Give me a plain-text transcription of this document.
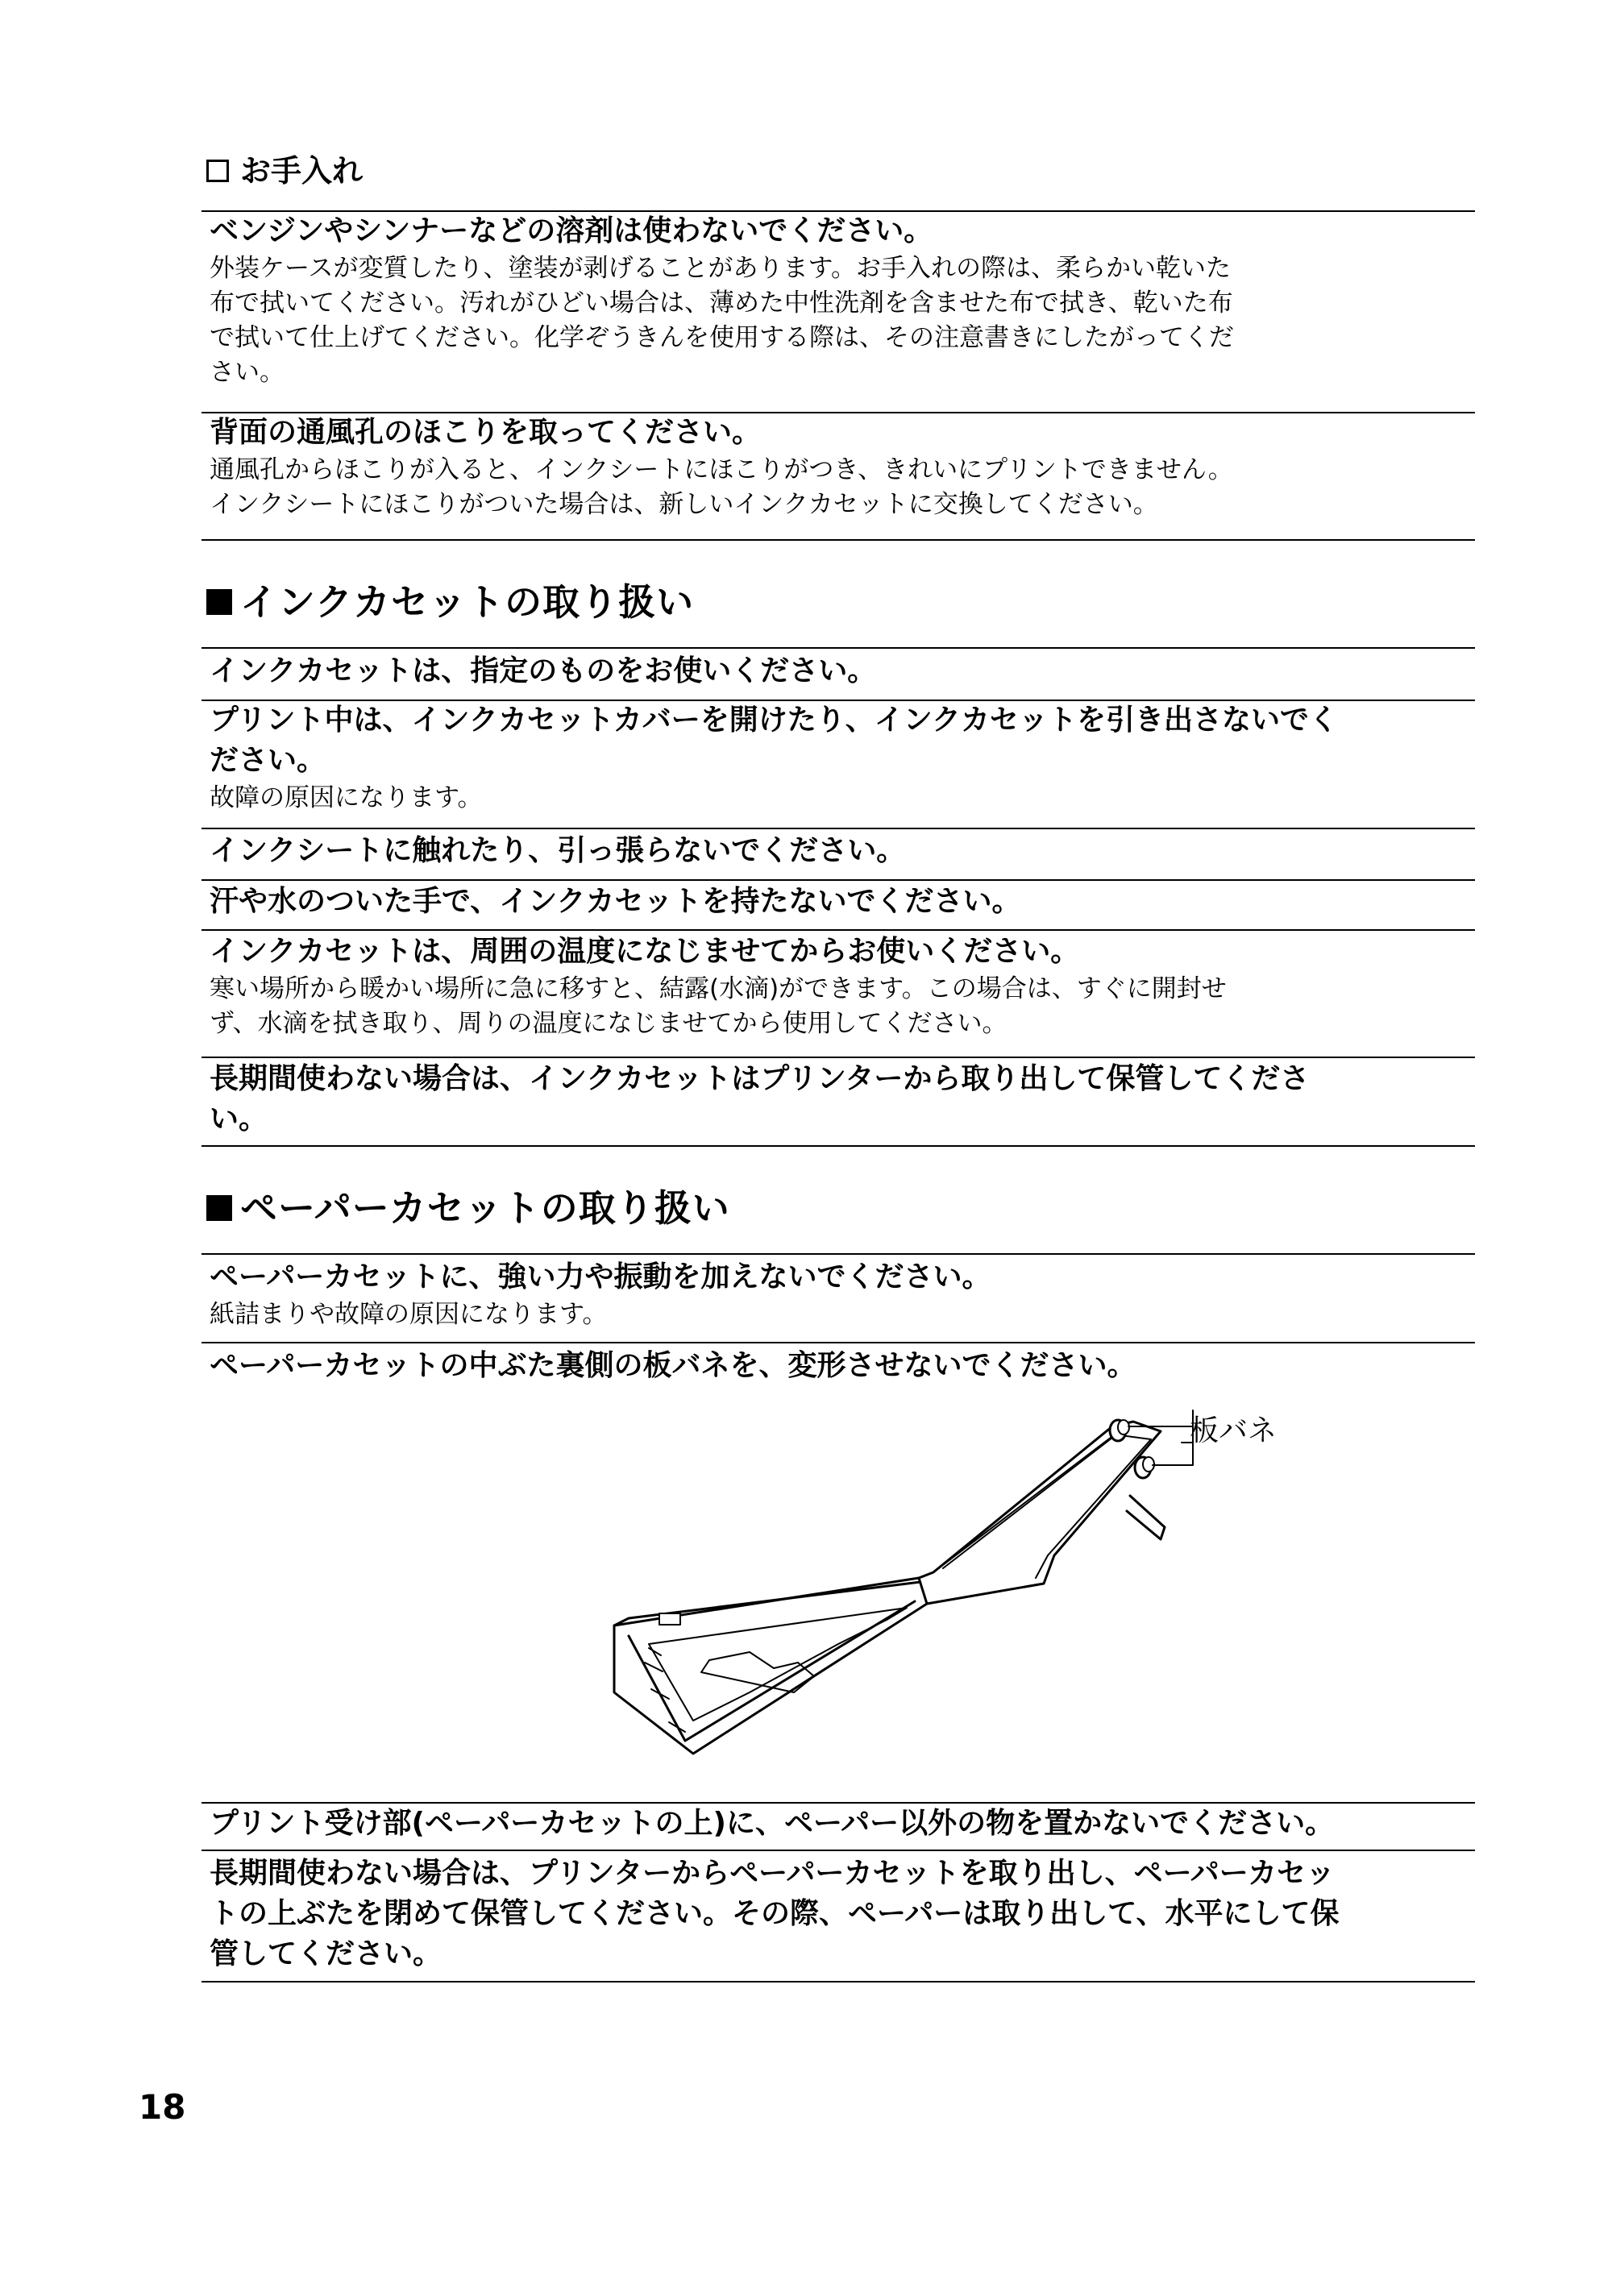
お手入れ

ベンジンやシンナーなどの溶剤は使わないでください。

外装ケースが変質したり、塗装が剥げることがあります。お手入れの際は、柔らかい乾いた

布で拭いてください。汚れがひどい場合は、薄めた中性洗剤を含ませた布で拭き、乾いた布

で拭いて仕上げてください。化学ぞうきんを使用する際は、その注意書きにしたがってくだ

さい。

背面の通風孔のほこりを取ってください。

通風孔からほこりが入ると、インクシートにほこりがつき、きれいにプリントできません。

インクシートにほこりがついた場合は、新しいインクカセットに交換してください。

インクカセットの取り扱い

インクカセットは、指定のものをお使いください。

プリント中は、インクカセットカバーを開けたり、インクカセットを引き出さないでく

ださい。

故障の原因になります。

インクシートに触れたり、引っ張らないでください。

汗や水のついた手で、インクカセットを持たないでください。

インクカセットは、周囲の温度になじませてからお使いください。

寒い場所から暖かい場所に急に移すと、結露(水滴)ができます。この場合は、すぐに開封せ

ず、水滴を拭き取り、周りの温度になじませてから使用してください。

長期間使わない場合は、インクカセットはプリンターから取り出して保管してくださ

い。

ペーパーカセットの取り扱い

ペーパーカセットに、強い力や振動を加えないでください。

紙詰まりや故障の原因になります。

ペーパーカセットの中ぶた裏側の板バネを、変形させないでください。

板バネ

プリント受け部(ペーパーカセットの上)に、ペーパー以外の物を置かないでください。

長期間使わない場合は、プリンターからペーパーカセットを取り出し、ペーパーカセッ

トの上ぶたを閉めて保管してください。その際、ペーパーは取り出して、水平にして保

管してください。

18
